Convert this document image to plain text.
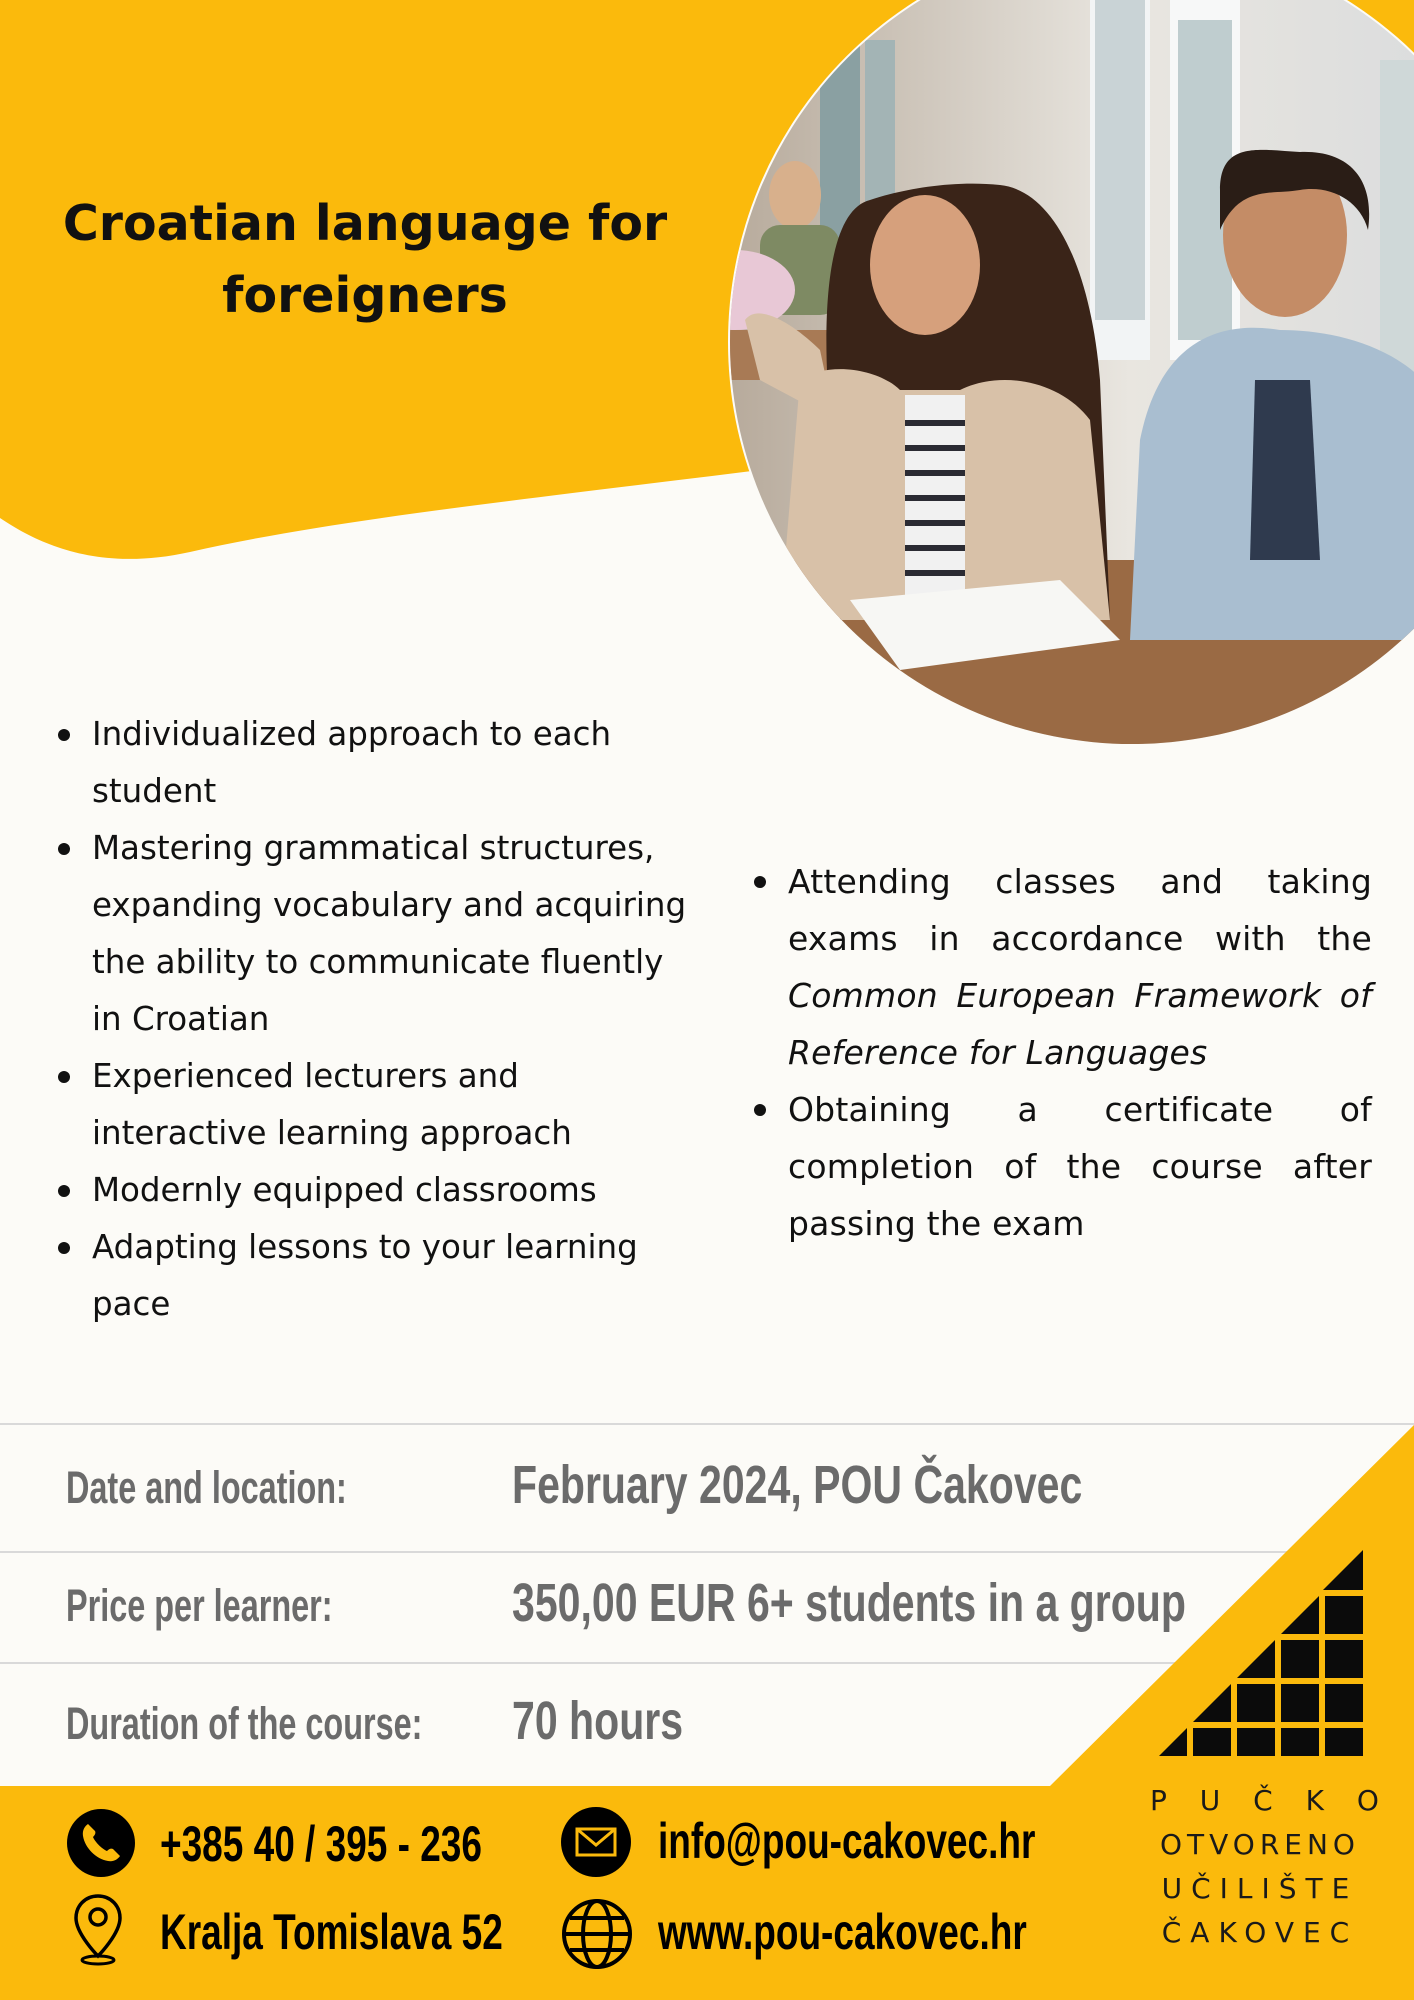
Croatian language for foreigners
Individualized approach to each student
Mastering grammatical structures, expanding vocabulary and acquiring the ability to communicate fluently in Croatian
Experienced lecturers and interactive learning approach
Modernly equipped classrooms
Adapting lessons to your learning pace
Attending classes and taking exams in accordance with the Common European Framework of Reference for Languages
Obtaining a certificate of completion of the course after passing the exam
Date and location:	February 2024, POU Čakovec
Price per learner:	350,00 EUR 6+ students in a group
Duration of the course: 70 hours
+385 40 / 395 - 236	info@pou-cakovec.hr
Kralja Tomislava 52	www.pou-cakovec.hr
P U Č K O
OTVORENO
UČILIŠTE
ČAKOVEC
